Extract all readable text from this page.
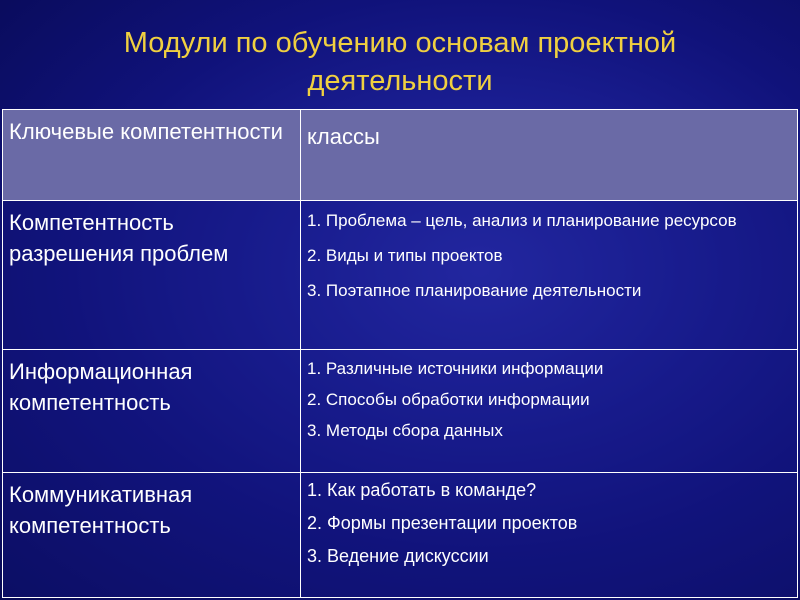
Модули по обучению основам проектной
деятельности
Ключевые компетентности	классы
Компетентность разрешения проблем	1. Проблема – цель, анализ и планирование ресурсов
2. Виды и типы проектов
3. Поэтапное планирование деятельности

Информационная компетентность	1. Различные источники информации
2. Способы обработки информации
3. Методы сбора данных

Коммуникативная компетентность	1. Как работать в команде?
2. Формы презентации проектов
3. Ведение дискуссии
